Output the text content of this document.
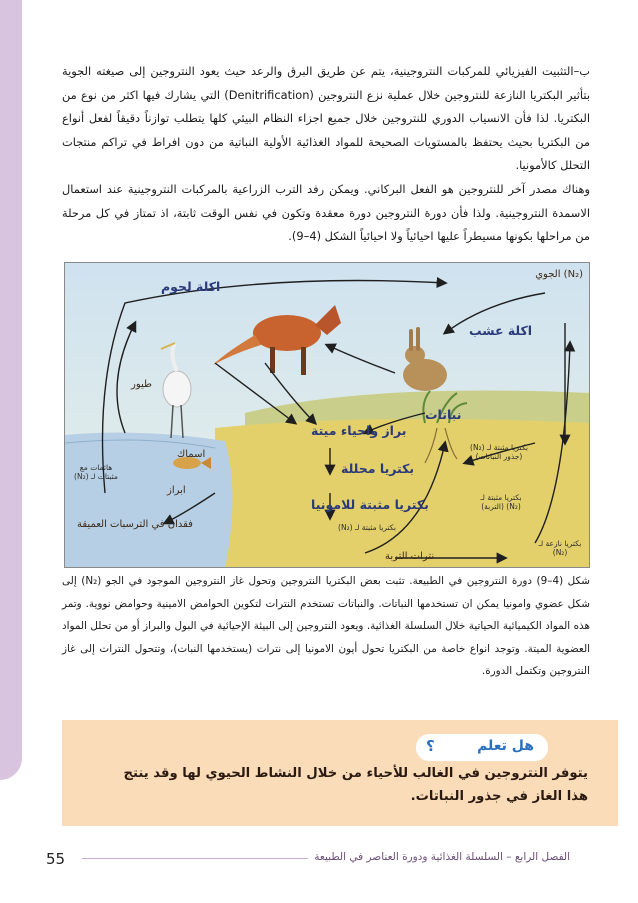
ب–التثبيت الفيزيائي للمركبات النتروجينية، يتم عن طريق البرق والرعد حيث يعود النتروجين إلى صيغته الجوية بتأثير البكتريا النازعة للنتروجين خلال عملية نزع النتروجين (Denitrification) التي يشارك فيها اكثر من نوع من البكتريا. لذا فأن الانسياب الدوري للنتروجين خلال جميع اجزاء النظام البيئي كلها يتطلب توازناً دقيقاً لفعل أنواع من البكتريا بحيث يحتفظ بالمستويات الصحيحة للمواد الغذائية الأولية النباتية من دون افراط في تراكم منتجات التحلل كالأمونيا.

وهناك مصدر آخر للنتروجين هو الفعل البركاني. ويمكن رفد الترب الزراعية بالمركبات النتروجينية عند استعمال الاسمدة النتروجينية. ولذا فأن دورة النتروجين دورة معقدة وتكون في نفس الوقت ثابتة، اذ تمتاز في كل مرحلة من مراحلها بكونها مسيطراً عليها احيائياً ولا احيائياً الشكل (4–9).

(N₂) الجوي
اكلة لحوم
اكلة عشب
طيور
نباتات
براز واحياء ميتة
اسماك
ابراز
هائمات مع مثبتات لـ (N₂)
بكتريا محللة
بكتريا مثبتة للامونيا
بكتريا مثبتة لـ (N₂) (جذور النباتات)
بكتريا مثبتة لـ (N₂) (التربة)
بكتريا مثبتة لـ (N₂)
فقدان في الترسبات العميقة
نترات التربة
بكتريا نازعة لـ (N₂)

شكل (4–9) دورة النتروجين في الطبيعة. تثبت بعض البكتريا النتروجين وتحول غاز النتروجين الموجود في الجو (N₂) إلى شكل عضوي وامونيا يمكن ان تستخدمها النباتات. والنباتات تستخدم النترات لتكوين الحوامض الامينية وحوامض نووية. وتمر هذه المواد الكيميائية الحياتية خلال السلسلة الغذائية. ويعود النتروجين إلى البيئة الإحيائية في البول والبراز أو من تحلل المواد العضوية الميتة. وتوجد انواع خاصة من البكتريا تحول أيون الامونيا إلى نترات (يستخدمها النبات)، وتتحول النترات إلى غاز النتروجين وتكتمل الدورة.

هل تعلم
؟

يتوفر النتروجين في الغالب للأحياء من خلال النشاط الحيوي لها وقد ينتج هذا الغاز في جذور النباتات.

55	الفصل الرابع – السلسلة الغذائية ودورة العناصر في الطبيعة
